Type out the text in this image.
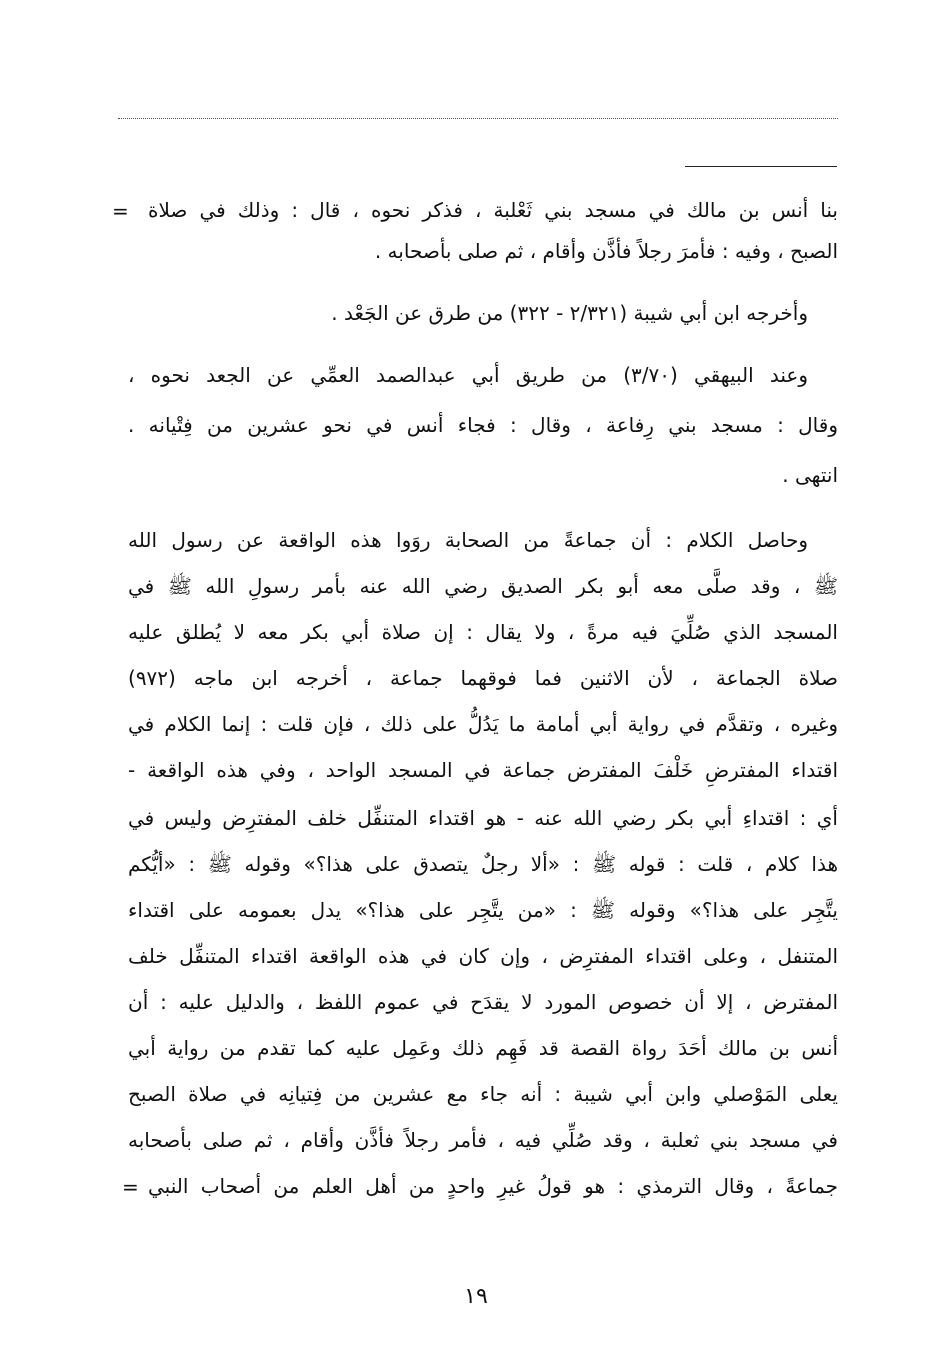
= بنا أنس بن مالك في مسجد بني ثَعْلبة ، فذكر نحوه ، قال : وذلك في صلاة
الصبح ، وفيه : فأمرَ رجلاً فأذَّن وأقام ، ثم صلى بأصحابه .
وأخرجه ابن أبي شيبة (٢/٣٢١ - ٣٢٢) من طرق عن الجَعْد .
وعند البيهقي (٣/٧٠) من طريق أبي عبدالصمد العمِّي عن الجعد نحوه ،
وقال : مسجد بني رِفاعة ، وقال : فجاء أنس في نحو عشرين من فِتْيانه .
انتهى .
وحاصل الكلام : أن جماعةً من الصحابة روَوا هذه الواقعة عن رسول الله
ﷺ ، وقد صلَّى معه أبو بكر الصديق رضي الله عنه بأمر رسولِ الله ﷺ في
المسجد الذي صُلِّيَ فيه مرةً ، ولا يقال : إن صلاة أبي بكر معه لا يُطلق عليه
صلاة الجماعة ، لأن الاثنين فما فوقهما جماعة ، أخرجه ابن ماجه (٩٧٢)
وغيره ، وتقدَّم في رواية أبي أمامة ما يَدُلُّ على ذلك ، فإن قلت : إنما الكلام في
اقتداء المفترضِ خَلْفَ المفترض جماعة في المسجد الواحد ، وفي هذه الواقعة -
أي : اقتداءِ أبي بكر رضي الله عنه - هو اقتداء المتنفِّل خلف المفترِض وليس في
هذا كلام ، قلت : قوله ﷺ : «ألا رجلٌ يتصدق على هذا؟» وقوله ﷺ : «أيُّكم
يتَّجِر على هذا؟» وقوله ﷺ : «من يتَّجِر على هذا؟» يدل بعمومه على اقتداء
المتنفل ، وعلى اقتداء المفترِض ، وإن كان في هذه الواقعة اقتداء المتنفِّل خلف
المفترض ، إلا أن خصوص المورد لا يقدَح في عموم اللفظ ، والدليل عليه : أن
أنس بن مالك أحَدَ رواة القصة قد فَهِم ذلك وعَمِل عليه كما تقدم من رواية أبي
يعلى المَوْصلي وابن أبي شيبة : أنه جاء مع عشرين من فِتيانِه في صلاة الصبح
في مسجد بني ثعلبة ، وقد صُلِّي فيه ، فأمر رجلاً فأذَّن وأقام ، ثم صلى بأصحابه
جماعةً ، وقال الترمذي : هو قولُ غيرِ واحدٍ من أهل العلم من أصحاب النبي
=
١٩
